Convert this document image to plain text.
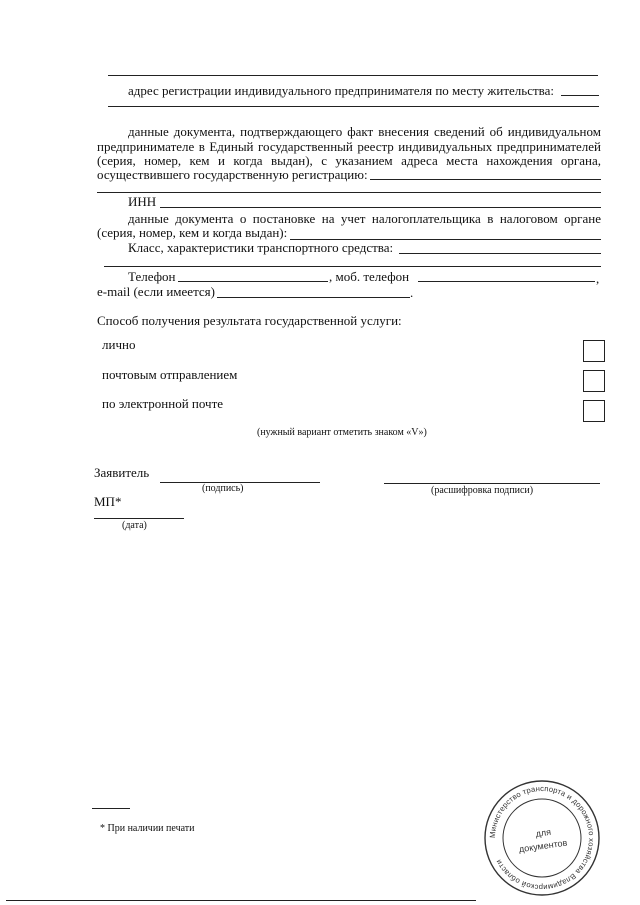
адрес регистрации индивидуального предпринимателя по месту жительства:
данные документа, подтверждающего факт внесения сведений об индивидуальном
предпринимателе в Единый государственный реестр индивидуальных предпринимателей
(серия, номер, кем и когда выдан), с указанием адреса места нахождения органа,
осуществившего государственную регистрацию:
ИНН
данные документа о постановке на учет налогоплательщика в налоговом органе
(серия, номер, кем и когда выдан):
Класс, характеристики транспортного средства:
Телефон	, моб. телефон	,
e-mail (если имеется)	.
Способ получения результата государственной услуги:
лично
почтовым отправлением
по электронной почте
(нужный вариант отметить знаком «V»)
Заявитель
(подпись)	(расшифровка подписи)
МП*
(дата)
* При наличии печати
Министерство транспорта и дорожного хозяйства Владимирской области
для
документов
